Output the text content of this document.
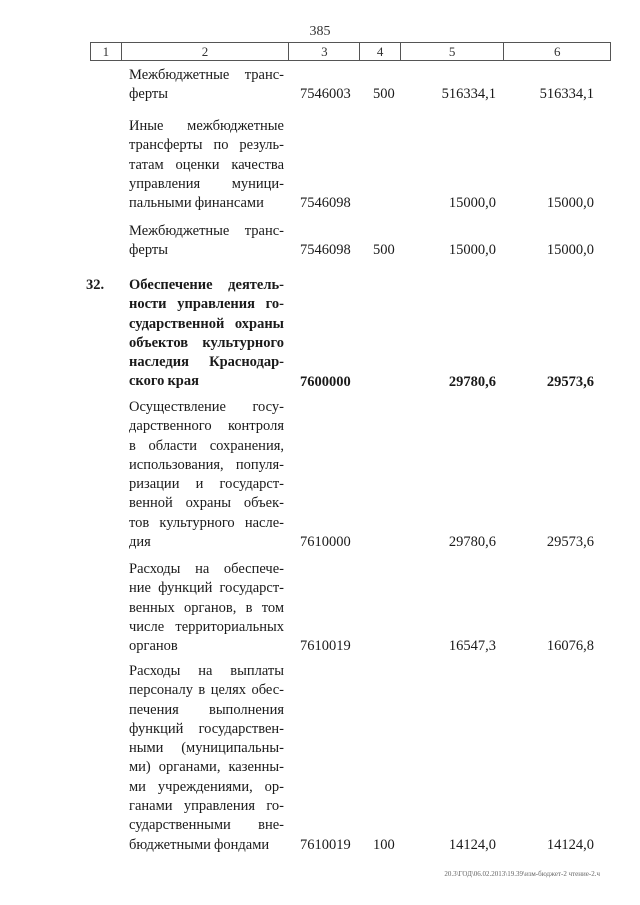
385
1	2	3	4	5	6
Межбюджетные транс-
ферты	7546003 500	516334,1	516334,1
Иные межбюджетные
трансферты по резуль-
татам оценки качества
управления муници-
пальными финансами	7546098	15000,0	15000,0
Межбюджетные транс-
ферты	7546098 500	15000,0	15000,0
32.	Обеспечение деятель-
ности управления го-
сударственной охраны
объектов культурного
наследия Краснодар-
ского края	7600000	29780,6	29573,6
Осуществление госу-
дарственного контроля
в области сохранения,
использования, популя-
ризации и государст-
венной охраны объек-
тов культурного насле-
дия	7610000	29780,6	29573,6
Расходы на обеспече-
ние функций государст-
венных органов, в том
числе территориальных
органов	7610019	16547,3	16076,8
Расходы на выплаты
персоналу в целях обес-
печения выполнения
функций государствен-
ными (муниципальны-
ми) органами, казенны-
ми учреждениями, ор-
ганами управления го-
сударственными вне-
бюджетными фондами	7610019 100	14124,0	14124,0
20.3\ГОД\06.02.2013\19.39\изм-бюджет-2 чтение-2.ч
